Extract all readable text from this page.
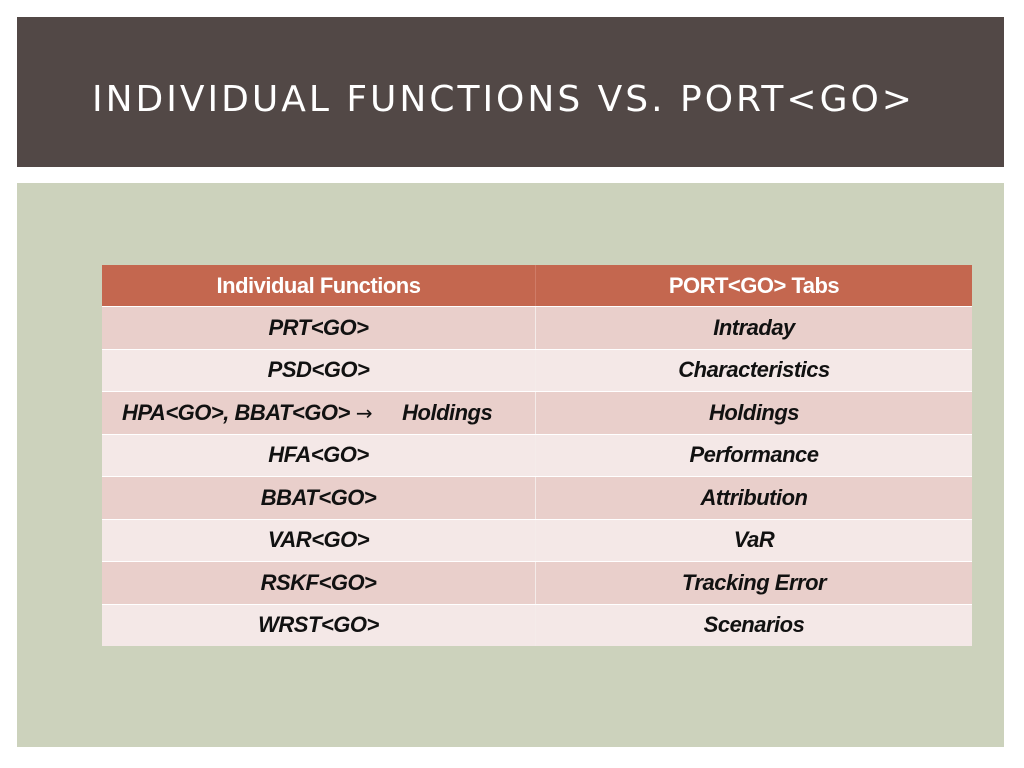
INDIVIDUAL FUNCTIONS VS. PORT<GO>
Individual Functions	PORT<GO> Tabs
PRT<GO>	Intraday
PSD<GO>	Characteristics
HPA<GO>, BBAT<GO> → Holdings	Holdings
HFA<GO>	Performance
BBAT<GO>	Attribution
VAR<GO>	VaR
RSKF<GO>	Tracking Error
WRST<GO>	Scenarios
